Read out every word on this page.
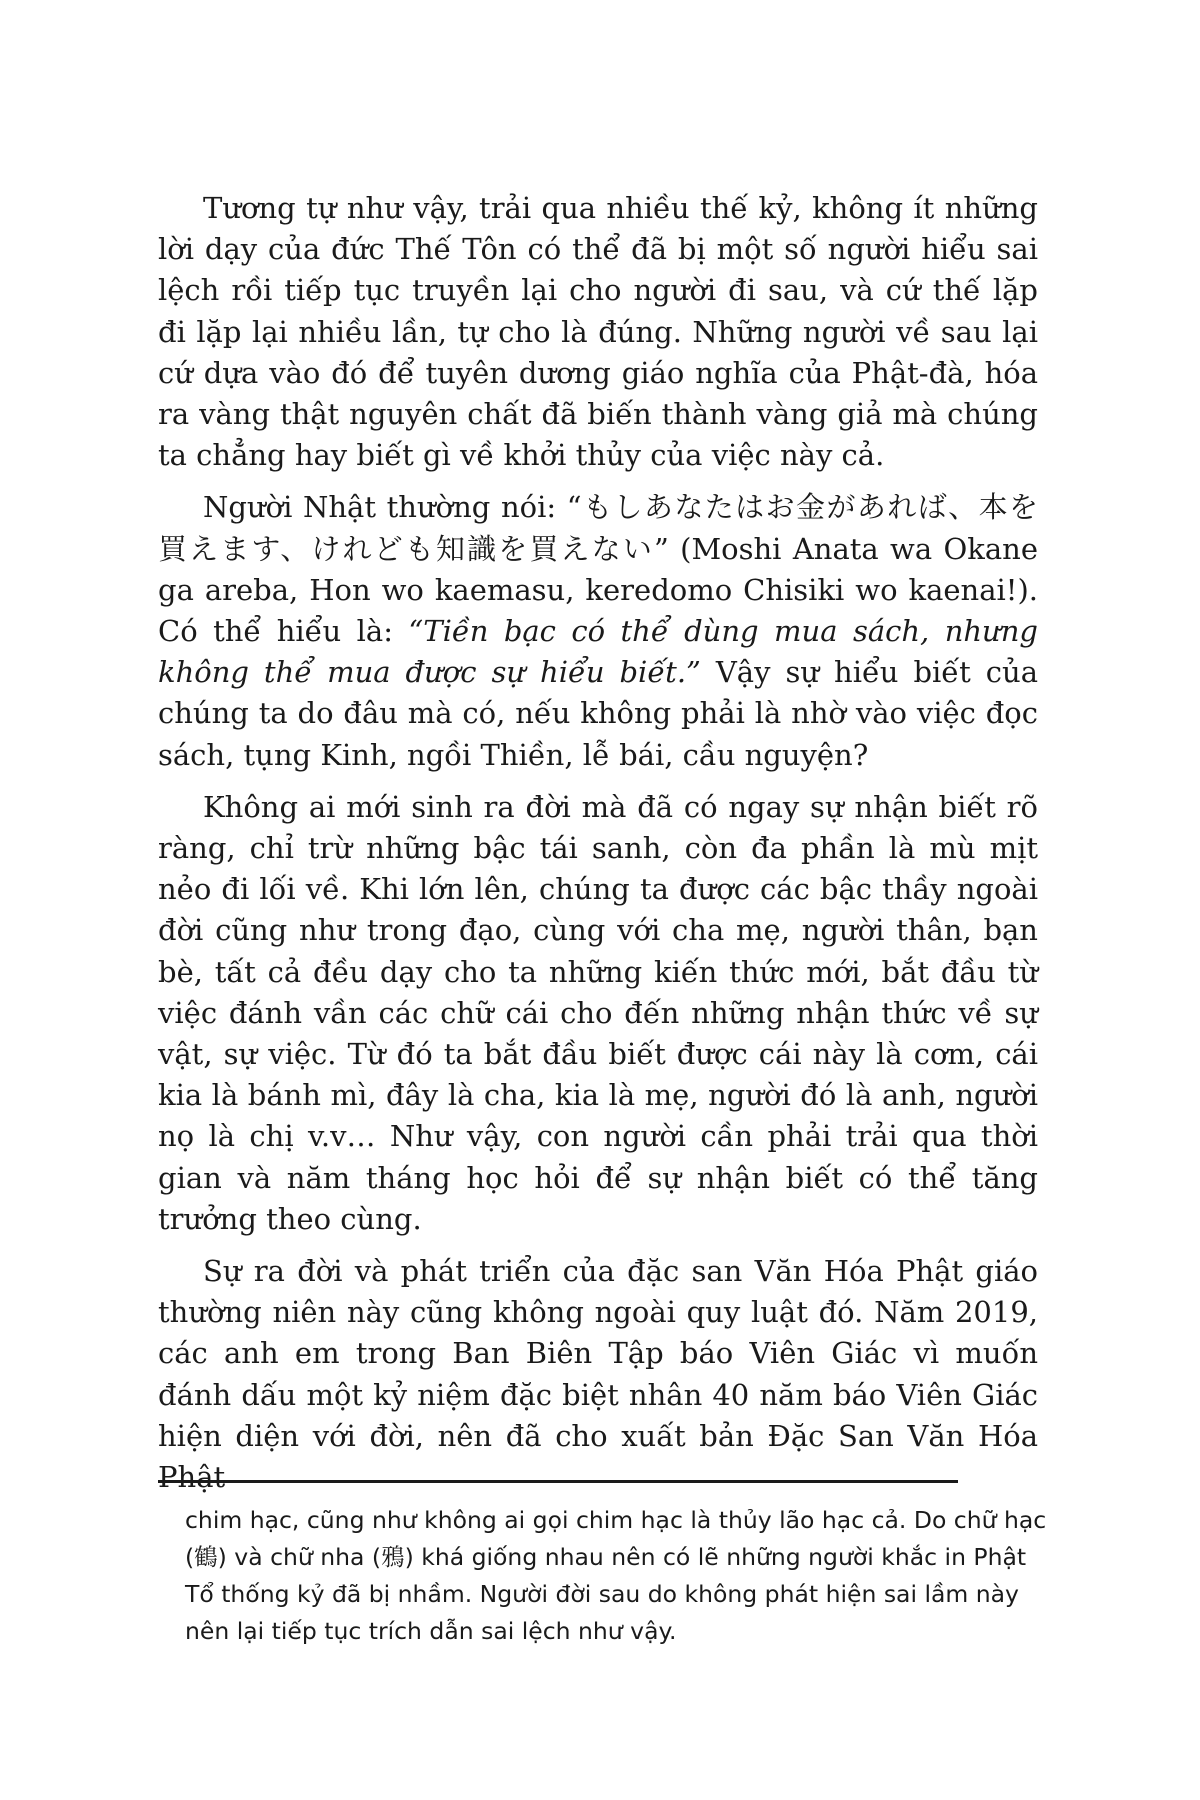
Tương tự như vậy, trải qua nhiều thế kỷ, không ít những lời dạy của đức Thế Tôn có thể đã bị một số người hiểu sai lệch rồi tiếp tục truyền lại cho người đi sau, và cứ thế lặp đi lặp lại nhiều lần, tự cho là đúng. Những người về sau lại cứ dựa vào đó để tuyên dương giáo nghĩa của Phật-đà, hóa ra vàng thật nguyên chất đã biến thành vàng giả mà chúng ta chẳng hay biết gì về khởi thủy của việc này cả.

Người Nhật thường nói: “もしあなたはお金があれば、本を買えます、けれども知識を買えない” (Moshi Anata wa Okane ga areba, Hon wo kaemasu, keredomo Chisiki wo kaenai!). Có thể hiểu là: “Tiền bạc có thể dùng mua sách, nhưng không thể mua được sự hiểu biết.” Vậy sự hiểu biết của chúng ta do đâu mà có, nếu không phải là nhờ vào việc đọc sách, tụng Kinh, ngồi Thiền, lễ bái, cầu nguyện?

Không ai mới sinh ra đời mà đã có ngay sự nhận biết rõ ràng, chỉ trừ những bậc tái sanh, còn đa phần là mù mịt nẻo đi lối về. Khi lớn lên, chúng ta được các bậc thầy ngoài đời cũng như trong đạo, cùng với cha mẹ, người thân, bạn bè, tất cả đều dạy cho ta những kiến thức mới, bắt đầu từ việc đánh vần các chữ cái cho đến những nhận thức về sự vật, sự việc. Từ đó ta bắt đầu biết được cái này là cơm, cái kia là bánh mì, đây là cha, kia là mẹ, người đó là anh, người nọ là chị v.v… Như vậy, con người cần phải trải qua thời gian và năm tháng học hỏi để sự nhận biết có thể tăng trưởng theo cùng.

Sự ra đời và phát triển của đặc san Văn Hóa Phật giáo thường niên này cũng không ngoài quy luật đó. Năm 2019, các anh em trong Ban Biên Tập báo Viên Giác vì muốn đánh dấu một kỷ niệm đặc biệt nhân 40 năm báo Viên Giác hiện diện với đời, nên đã cho xuất bản Đặc San Văn Hóa Phật

chim hạc, cũng như không ai gọi chim hạc là thủy lão hạc cả. Do chữ hạc (鶴) và chữ nha (鴉) khá giống nhau nên có lẽ những người khắc in Phật Tổ thống kỷ đã bị nhầm. Người đời sau do không phát hiện sai lầm này nên lại tiếp tục trích dẫn sai lệch như vậy.
